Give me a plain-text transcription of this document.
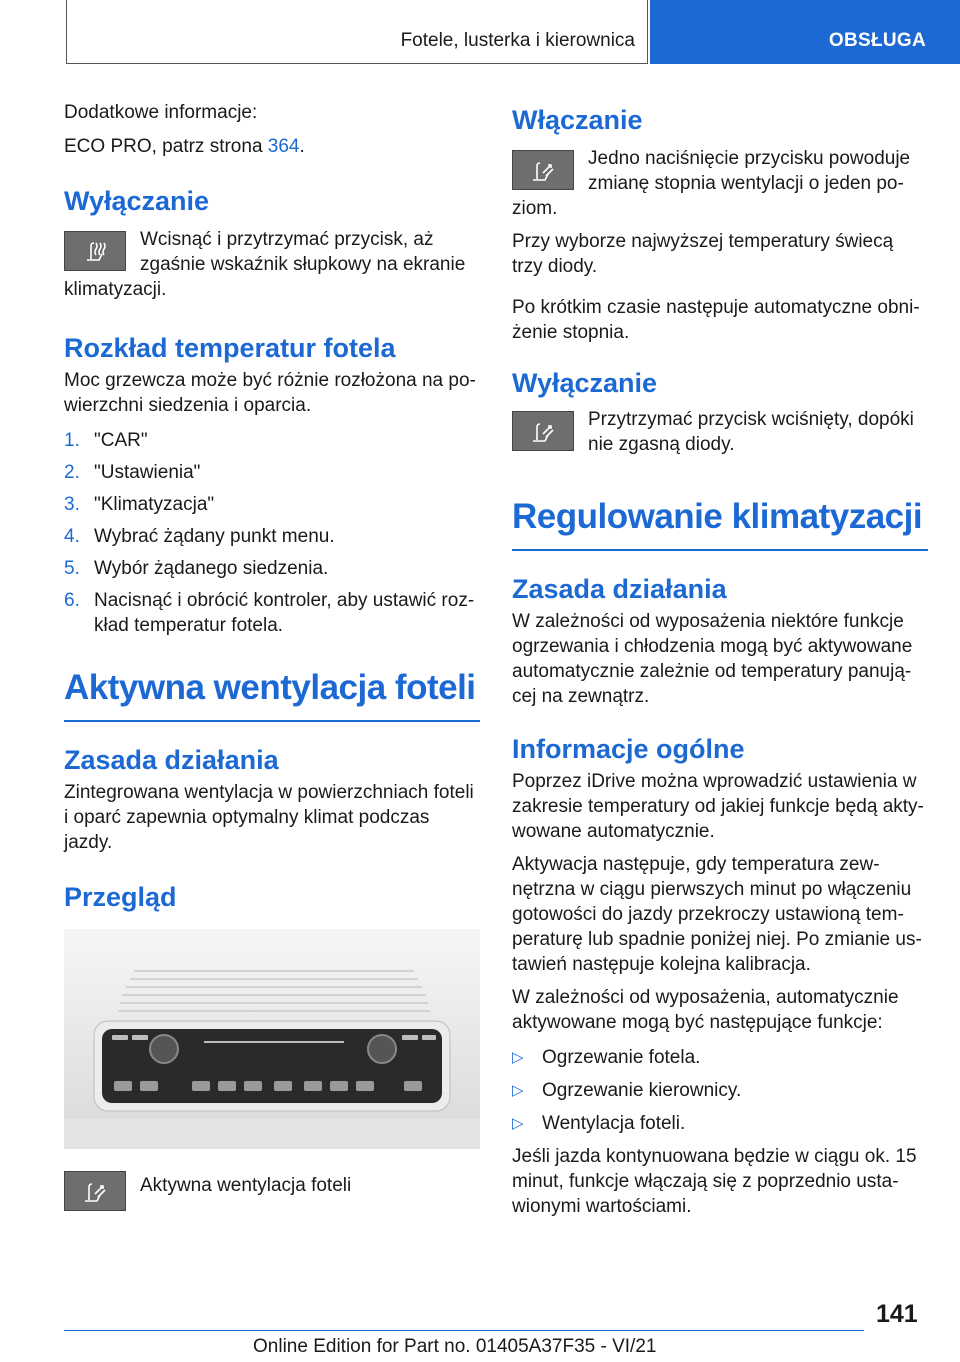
Fotele, lusterka i kierownica	OBSŁUGA

Dodatkowe informacje:

ECO PRO, patrz strona 364.

Wyłączanie

Wcisnąć i przytrzymać przycisk, aż zgaśnie wskaźnik słupkowy na ekranie klimatyzacji.

Rozkład temperatur fotela

Moc grzewcza może być różnie rozłożona na powierzchni siedzenia i oparcia.

1. "CAR"
2. "Ustawienia"
3. "Klimatyzacja"
4. Wybrać żądany punkt menu.
5. Wybór żądanego siedzenia.
6. Nacisnąć i obrócić kontroler, aby ustawić rozkład temperatur fotela.
Aktywna wentylacja foteli
Zasada działania

Zintegrowana wentylacja w powierzchniach foteli i oparć zapewnia optymalny klimat podczas jazdy.

Przegląd

Aktywna wentylacja foteli

Włączanie

Jedno naciśnięcie przycisku powoduje zmianę stopnia wentylacji o jeden poziom.

Przy wyborze najwyższej temperatury świecą trzy diody.

Po krótkim czasie następuje automatyczne obniżenie stopnia.

Wyłączanie

Przytrzymać przycisk wciśnięty, dopóki nie zgasną diody.

Regulowanie klimatyzacji
Zasada działania

W zależności od wyposażenia niektóre funkcje ogrzewania i chłodzenia mogą być aktywowane automatycznie zależnie od temperatury panującej na zewnątrz.

Informacje ogólne

Poprzez iDrive można wprowadzić ustawienia w zakresie temperatury od jakiej funkcje będą aktywowane automatycznie.

Aktywacja następuje, gdy temperatura zewnętrzna w ciągu pierwszych minut po włączeniu gotowości do jazdy przekroczy ustawioną temperaturę lub spadnie poniżej niej. Po zmianie ustawień następuje kolejna kalibracja.

W zależności od wyposażenia, automatycznie aktywowane mogą być następujące funkcje:

▷ Ogrzewanie fotela.
▷ Ogrzewanie kierownicy.
▷ Wentylacja foteli.

Jeśli jazda kontynuowana będzie w ciągu ok. 15 minut, funkcje włączają się z poprzednio ustawionymi wartościami.

141
Online Edition for Part no. 01405A37F35 - VI/21
